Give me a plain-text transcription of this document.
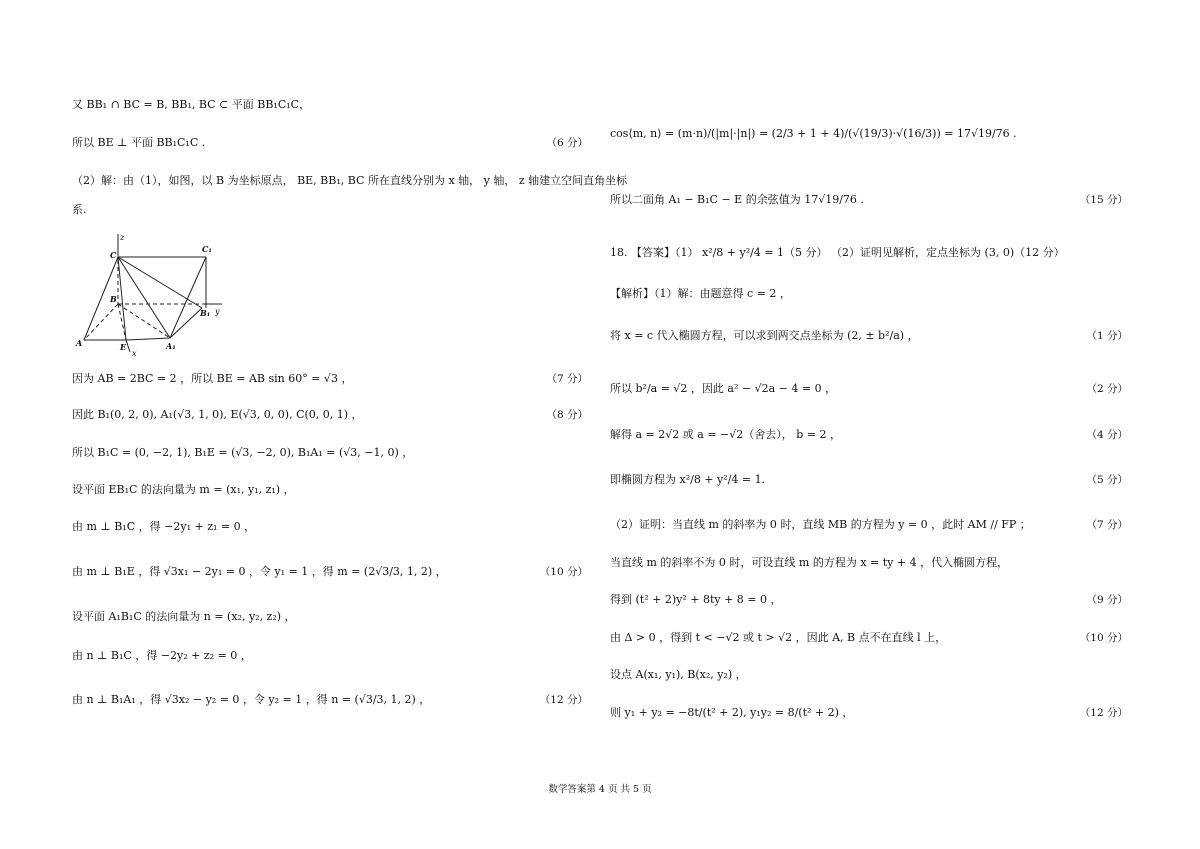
又 BB₁ ∩ BC = B, BB₁, BC ⊂ 平面 BB₁C₁C，
所以 BE ⊥ 平面 BB₁C₁C .	（6 分）
（2）解：由（1），如图，以 B 为坐标原点， BE, BB₁, BC 所在直线分别为 x 轴， y 轴， z 轴建立空间直角坐标
系.
z
C
C₁
B
B₁ y
A	E	A₁
x
因为 AB = 2BC = 2 ，所以 BE = AB sin 60° = √3 ，	（7 分）
因此 B₁(0, 2, 0), A₁(√3, 1, 0), E(√3, 0, 0), C(0, 0, 1) ，	（8 分）
所以 B₁C = (0, −2, 1), B₁E = (√3, −2, 0), B₁A₁ = (√3, −1, 0) ，
设平面 EB₁C 的法向量为 m = (x₁, y₁, z₁) ，
由 m ⊥ B₁C ，得 −2y₁ + z₁ = 0 ，
由 m ⊥ B₁E ，得 √3x₁ − 2y₁ = 0 ，令 y₁ = 1 ，得 m = (2√3/3, 1, 2) ，	（10 分）
设平面 A₁B₁C 的法向量为 n = (x₂, y₂, z₂) ，
由 n ⊥ B₁C ，得 −2y₂ + z₂ = 0 ，
由 n ⊥ B₁A₁ ，得 √3x₂ − y₂ = 0 ，令 y₂ = 1 ，得 n = (√3/3, 1, 2) ，	（12 分）
cos⟨m, n⟩ = (m·n)/(|m|·|n|) = (2/3 + 1 + 4)/(√(19/3)·√(16/3)) = 17√19/76 .
所以二面角 A₁ − B₁C − E 的余弦值为 17√19/76 .	（15 分）
18. 【答案】（1） x²/8 + y²/4 = 1（5 分） （2）证明见解析，定点坐标为 (3, 0)（12 分）
【解析】（1）解：由题意得 c = 2 ，
将 x = c 代入椭圆方程，可以求到两交点坐标为 (2, ± b²/a) ，	（1 分）
所以 b²/a = √2 ，因此 a² − √2a − 4 = 0 ，	（2 分）
解得 a = 2√2 或 a = −√2（舍去）， b = 2 ，	（4 分）
即椭圆方程为 x²/8 + y²/4 = 1.	（5 分）
（2）证明：当直线 m 的斜率为 0 时，直线 MB 的方程为 y = 0 ，此时 AM // FP ；	（7 分）
当直线 m 的斜率不为 0 时，可设直线 m 的方程为 x = ty + 4 ，代入椭圆方程，
得到 (t² + 2)y² + 8ty + 8 = 0 ，	（9 分）
由 Δ > 0 ，得到 t < −√2 或 t > √2 ，因此 A, B 点不在直线 l 上，	（10 分）
设点 A(x₁, y₁), B(x₂, y₂) ，
则 y₁ + y₂ = −8t/(t² + 2), y₁y₂ = 8/(t² + 2) ，	（12 分）
数学答案第 4 页 共 5 页
